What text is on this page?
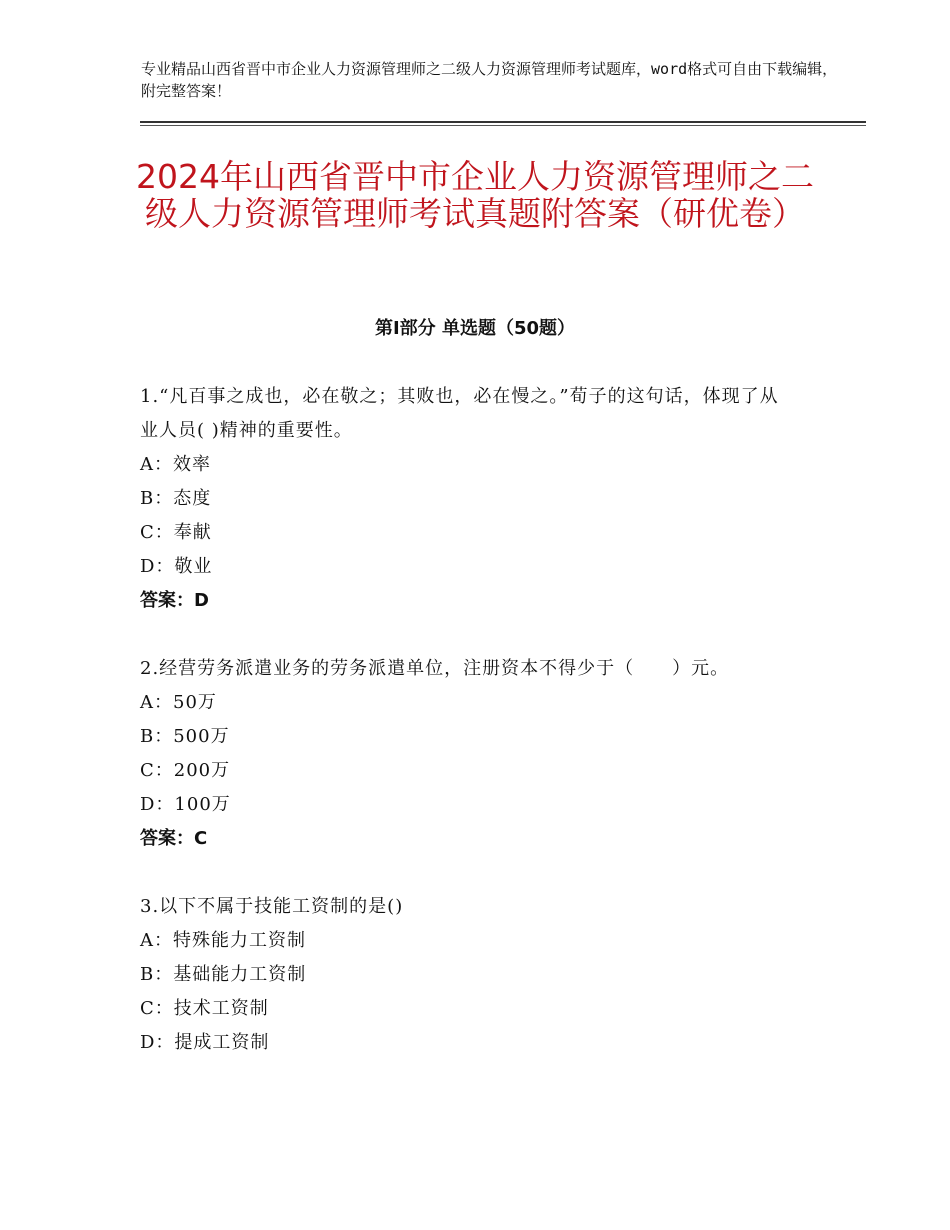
专业精品山西省晋中市企业人力资源管理师之二级人力资源管理师考试题库，word格式可自由下载编辑，附完整答案！
2024年山西省晋中市企业人力资源管理师之二级人力资源管理师考试真题附答案（研优卷）
第Ⅰ部分 单选题（50题）
1.“凡百事之成也，必在敬之；其败也，必在慢之。”荀子的这句话，体现了从业人员( )精神的重要性。
A：效率
B：态度
C：奉献
D：敬业
答案：D
2.经营劳务派遣业务的劳务派遣单位，注册资本不得少于（　　）元。
A：50万
B：500万
C：200万
D：100万
答案：C
3.以下不属于技能工资制的是()
A：特殊能力工资制
B：基础能力工资制
C：技术工资制
D：提成工资制
